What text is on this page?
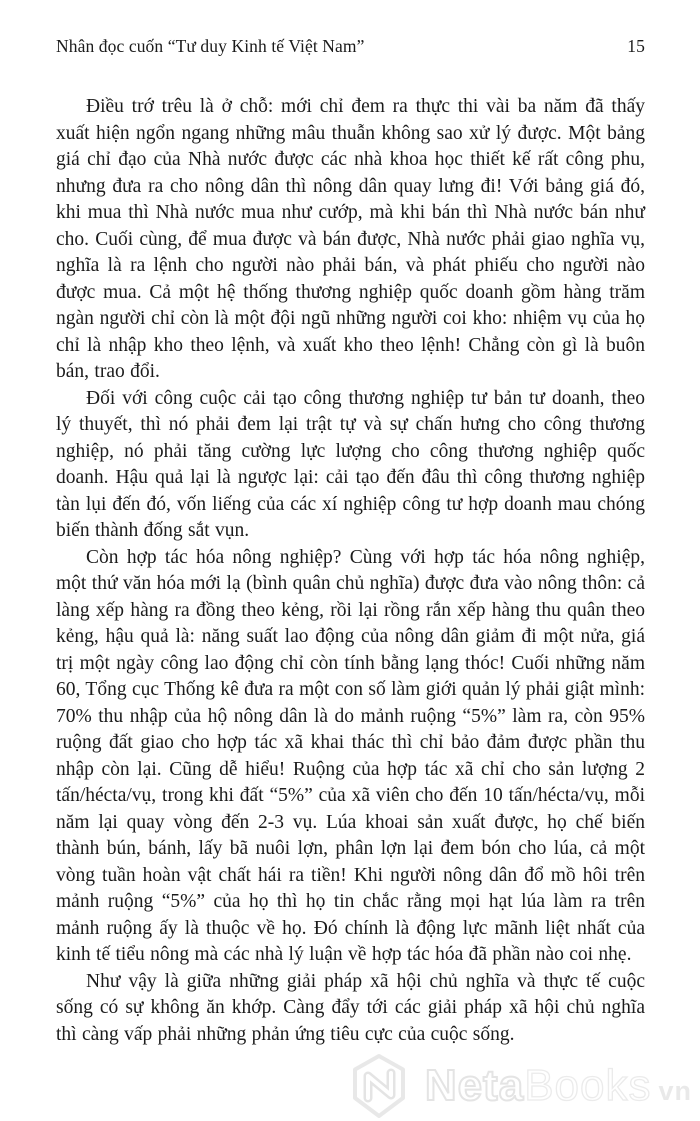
Nhân đọc cuốn “Tư duy Kinh tế Việt Nam”	15

Điều trớ trêu là ở chỗ: mới chỉ đem ra thực thi vài ba năm đã thấy xuất hiện ngổn ngang những mâu thuẫn không sao xử lý được. Một bảng giá chỉ đạo của Nhà nước được các nhà khoa học thiết kế rất công phu, nhưng đưa ra cho nông dân thì nông dân quay lưng đi! Với bảng giá đó, khi mua thì Nhà nước mua như cướp, mà khi bán thì Nhà nước bán như cho. Cuối cùng, để mua được và bán được, Nhà nước phải giao nghĩa vụ, nghĩa là ra lệnh cho người nào phải bán, và phát phiếu cho người nào được mua. Cả một hệ thống thương nghiệp quốc doanh gồm hàng trăm ngàn người chỉ còn là một đội ngũ những người coi kho: nhiệm vụ của họ chỉ là nhập kho theo lệnh, và xuất kho theo lệnh! Chẳng còn gì là buôn bán, trao đổi.

Đối với công cuộc cải tạo công thương nghiệp tư bản tư doanh, theo lý thuyết, thì nó phải đem lại trật tự và sự chấn hưng cho công thương nghiệp, nó phải tăng cường lực lượng cho công thương nghiệp quốc doanh. Hậu quả lại là ngược lại: cải tạo đến đâu thì công thương nghiệp tàn lụi đến đó, vốn liếng của các xí nghiệp công tư hợp doanh mau chóng biến thành đống sắt vụn.

Còn hợp tác hóa nông nghiệp? Cùng với hợp tác hóa nông nghiệp, một thứ văn hóa mới lạ (bình quân chủ nghĩa) được đưa vào nông thôn: cả làng xếp hàng ra đồng theo kẻng, rồi lại rồng rắn xếp hàng thu quân theo kẻng, hậu quả là: năng suất lao động của nông dân giảm đi một nửa, giá trị một ngày công lao động chỉ còn tính bằng lạng thóc! Cuối những năm 60, Tổng cục Thống kê đưa ra một con số làm giới quản lý phải giật mình: 70% thu nhập của hộ nông dân là do mảnh ruộng “5%” làm ra, còn 95% ruộng đất giao cho hợp tác xã khai thác thì chỉ bảo đảm được phần thu nhập còn lại. Cũng dễ hiểu! Ruộng của hợp tác xã chỉ cho sản lượng 2 tấn/hécta/vụ, trong khi đất “5%” của xã viên cho đến 10 tấn/hécta/vụ, mỗi năm lại quay vòng đến 2-3 vụ. Lúa khoai sản xuất được, họ chế biến thành bún, bánh, lấy bã nuôi lợn, phân lợn lại đem bón cho lúa, cả một vòng tuần hoàn vật chất hái ra tiền! Khi người nông dân đổ mồ hôi trên mảnh ruộng “5%” của họ thì họ tin chắc rằng mọi hạt lúa làm ra trên mảnh ruộng ấy là thuộc về họ. Đó chính là động lực mãnh liệt nhất của kinh tế tiểu nông mà các nhà lý luận về hợp tác hóa đã phần nào coi nhẹ.

Như vậy là giữa những giải pháp xã hội chủ nghĩa và thực tế cuộc sống có sự không ăn khớp. Càng đẩy tới các giải pháp xã hội chủ nghĩa thì càng vấp phải những phản ứng tiêu cực của cuộc sống.

Neta Books vn
